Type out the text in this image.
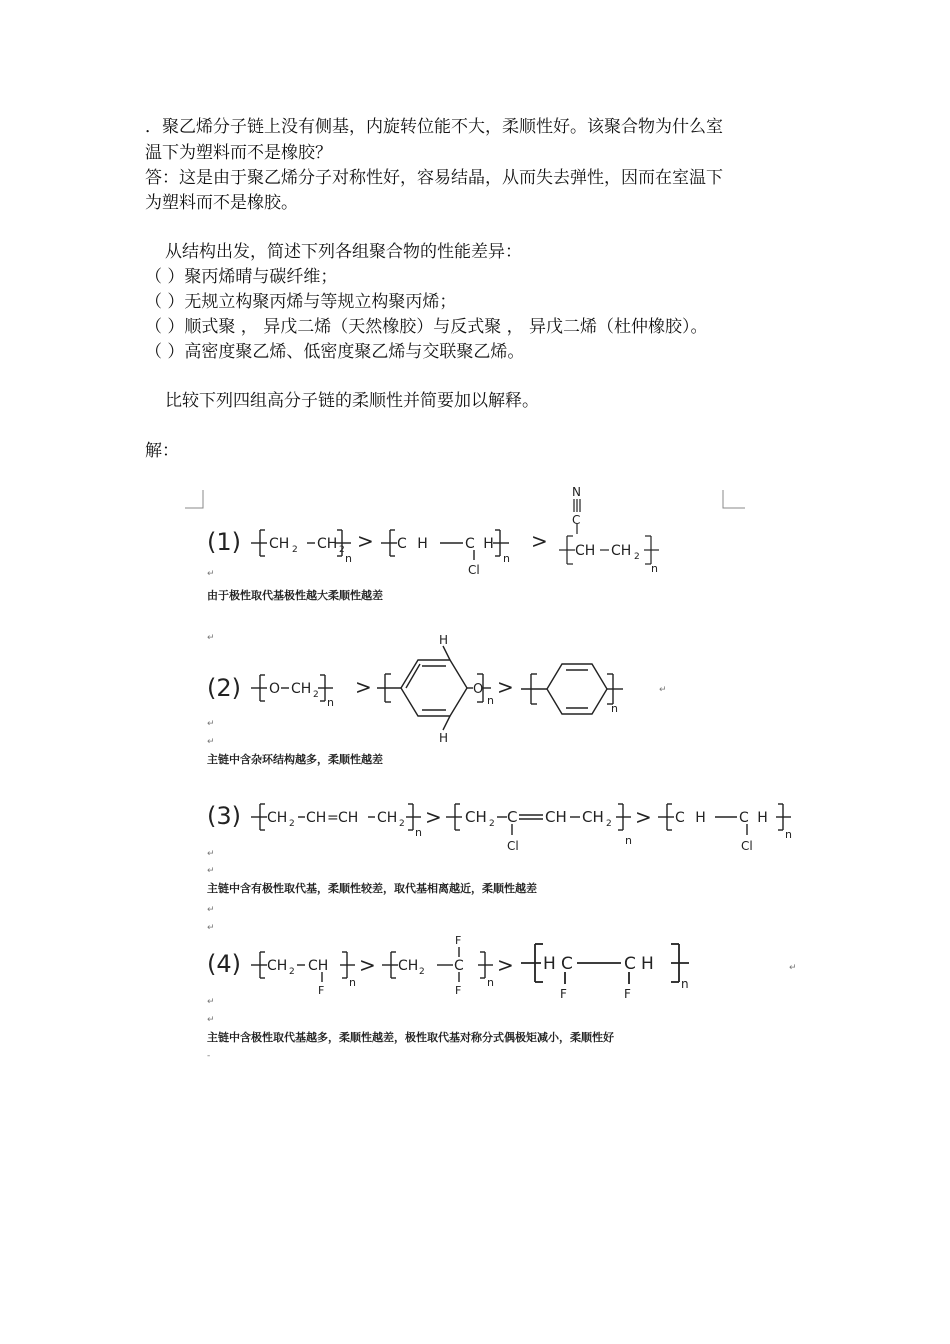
．聚乙烯分子链上没有侧基，内旋转位能不大，柔顺性好。该聚合物为什么室
温下为塑料而不是橡胶？
答：这是由于聚乙烯分子对称性好，容易结晶，从而失去弹性，因而在室温下
为塑料而不是橡胶。
从结构出发，简述下列各组聚合物的性能差异：
（ ）聚丙烯晴与碳纤维；
（ ）无规立构聚丙烯与等规立构聚丙烯；
（ ）顺式聚 ， 异戊二烯（天然橡胶）与反式聚 ， 异戊二烯（杜仲橡胶）。
（ ）高密度聚乙烯、低密度聚乙烯与交联聚乙烯。
比较下列四组高分子链的柔顺性并简要加以解释。
解：
(1) CH 2 CH 2
n
> C H C H
Cl
n
>
N
C
CH CH 2
n
↵
由于极性取代基极性越大柔顺性越差
↵
(2) O CH 2
n
>
H
H
O
n
>
n
↵
↵
↵
主链中含杂环结构越多，柔顺性越差
(3) CH 2 CH = CH CH 2
n
> CH 2 C CH CH 2
Cl	n
> C H C H
Cl
n
↵
↵
主链中含有极性取代基，柔顺性较差，取代基相离越近，柔顺性越差
↵
↵
(4) CH 2 CH
F
n
> CH 2 C
F
F
n
> H C	C H
F	F
n
↵
↵
↵
主链中含极性取代基越多，柔顺性越差，极性取代基对称分式偶极矩减小，柔顺性好
-
